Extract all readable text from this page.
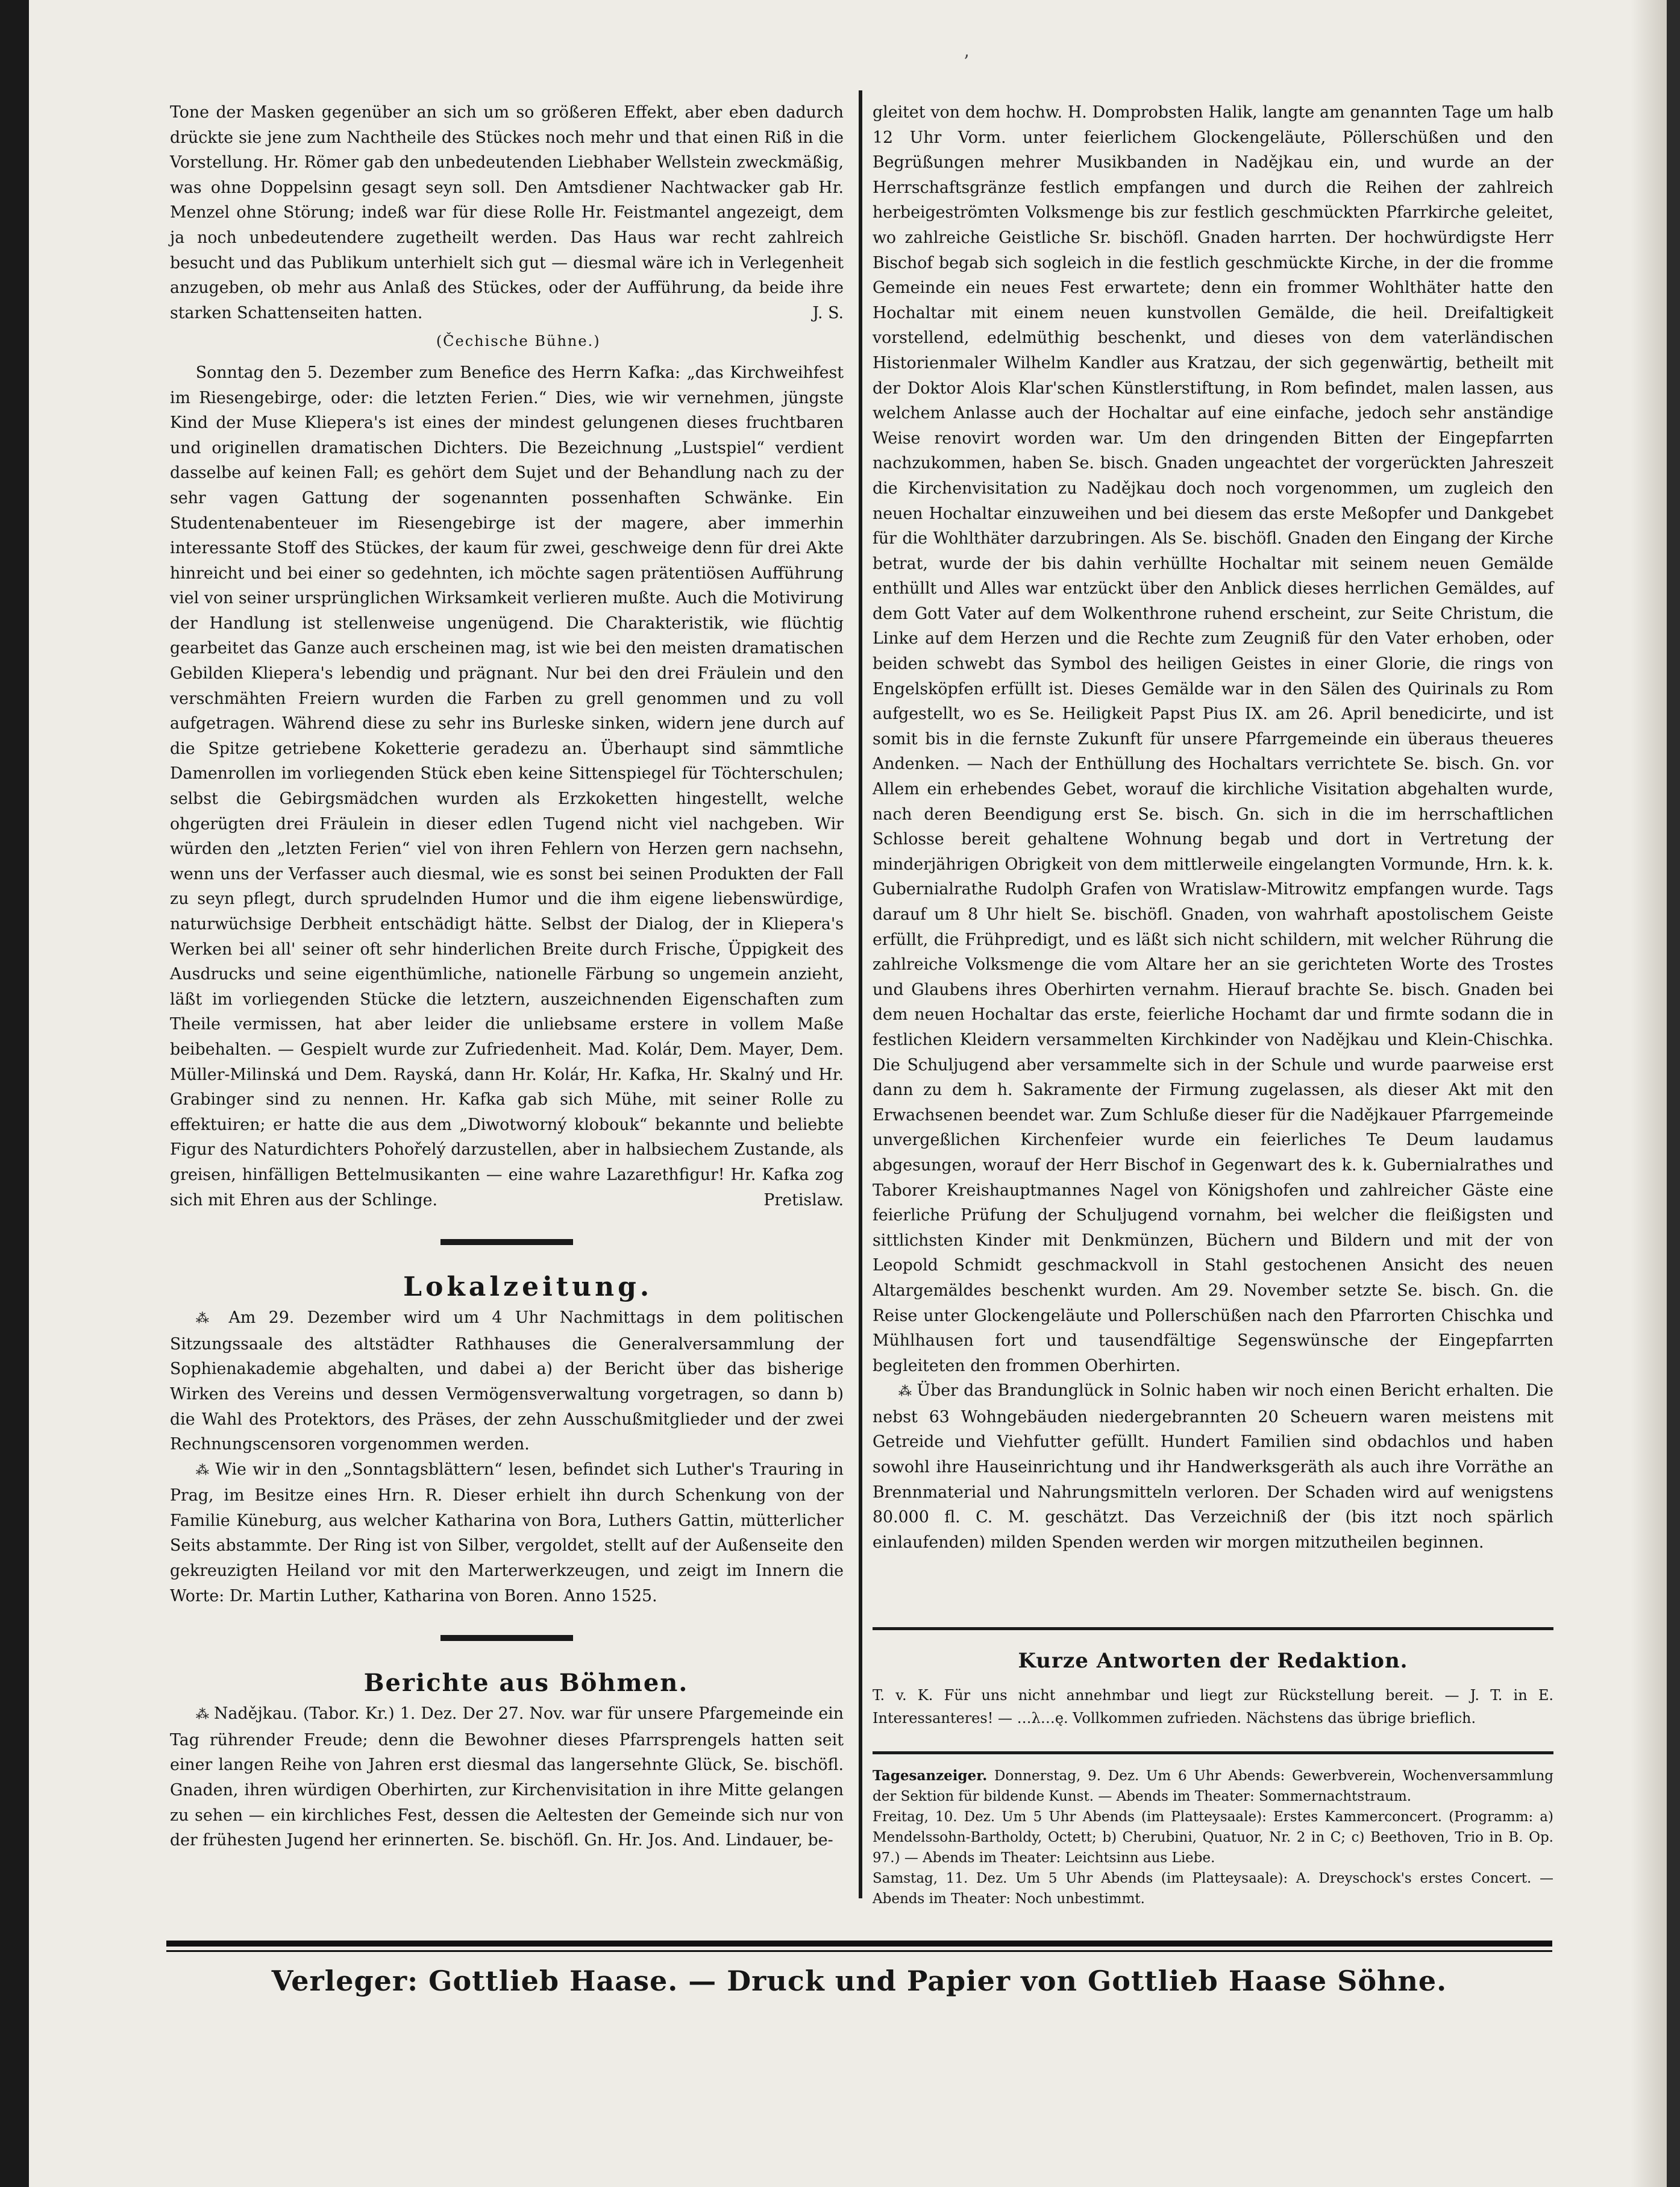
ʼ

Tone der Masken gegenüber an sich um so größeren Effekt, aber eben dadurch drückte sie jene zum Nachtheile des Stückes noch mehr und that einen Riß in die Vorstellung. Hr. Römer gab den unbedeutenden Liebhaber Wellstein zweckmäßig, was ohne Doppelsinn gesagt seyn soll. Den Amtsdiener Nachtwacker gab Hr. Menzel ohne Störung; indeß war für diese Rolle Hr. Feistmantel angezeigt, dem ja noch unbedeutendere zugetheilt werden. Das Haus war recht zahlreich besucht und das Publikum unterhielt sich gut — diesmal wäre ich in Verlegenheit anzugeben, ob mehr aus Anlaß des Stückes, oder der Aufführung, da beide ihre starken Schattenseiten hatten.	J. S.

(Čechische Bühne.)

Sonntag den 5. Dezember zum Benefice des Herrn Kafka: „das Kirchweihfest im Riesengebirge, oder: die letzten Ferien.“ Dies, wie wir vernehmen, jüngste Kind der Muse Kliepera's ist eines der mindest gelungenen dieses fruchtbaren und originellen dramatischen Dichters. Die Bezeichnung „Lustspiel“ verdient dasselbe auf keinen Fall; es gehört dem Sujet und der Behandlung nach zu der sehr vagen Gattung der sogenannten possenhaften Schwänke. Ein Studentenabenteuer im Riesengebirge ist der magere, aber immerhin interessante Stoff des Stückes, der kaum für zwei, geschweige denn für drei Akte hinreicht und bei einer so gedehnten, ich möchte sagen prätentiösen Aufführung viel von seiner ursprünglichen Wirksamkeit verlieren mußte. Auch die Motivirung der Handlung ist stellenweise ungenügend. Die Charakteristik, wie flüchtig gearbeitet das Ganze auch erscheinen mag, ist wie bei den meisten dramatischen Gebilden Kliepera's lebendig und prägnant. Nur bei den drei Fräulein und den verschmähten Freiern wurden die Farben zu grell genommen und zu voll aufgetragen. Während diese zu sehr ins Burleske sinken, widern jene durch auf die Spitze getriebene Koketterie geradezu an. Überhaupt sind sämmtliche Damenrollen im vorliegenden Stück eben keine Sittenspiegel für Töchterschulen; selbst die Gebirgsmädchen wurden als Erzkoketten hingestellt, welche ohgerügten drei Fräulein in dieser edlen Tugend nicht viel nachgeben. Wir würden den „letzten Ferien“ viel von ihren Fehlern von Herzen gern nachsehn, wenn uns der Verfasser auch diesmal, wie es sonst bei seinen Produkten der Fall zu seyn pflegt, durch sprudelnden Humor und die ihm eigene liebenswürdige, naturwüchsige Derbheit entschädigt hätte. Selbst der Dialog, der in Kliepera's Werken bei all' seiner oft sehr hinderlichen Breite durch Frische, Üppigkeit des Ausdrucks und seine eigenthümliche, nationelle Färbung so ungemein anzieht, läßt im vorliegenden Stücke die letztern, auszeichnenden Eigenschaften zum Theile vermissen, hat aber leider die unliebsame erstere in vollem Maße beibehalten. — Gespielt wurde zur Zufriedenheit. Mad. Kolár, Dem. Mayer, Dem. Müller-Milinská und Dem. Rayská, dann Hr. Kolár, Hr. Kafka, Hr. Skalný und Hr. Grabinger sind zu nennen. Hr. Kafka gab sich Mühe, mit seiner Rolle zu effektuiren; er hatte die aus dem „Diwotworný klobouk“ bekannte und beliebte Figur des Naturdichters Pohořelý darzustellen, aber in halbsiechem Zustande, als greisen, hinfälligen Bettelmusikanten — eine wahre Lazarethfigur! Hr. Kafka zog sich mit Ehren aus der Schlinge.	Pretislaw.

Lokalzeitung.

⁂ Am 29. Dezember wird um 4 Uhr Nachmittags in dem politischen Sitzungssaale des altstädter Rathhauses die Generalversammlung der Sophienakademie abgehalten, und dabei a) der Bericht über das bisherige Wirken des Vereins und dessen Vermögensverwaltung vorgetragen, so dann b) die Wahl des Protektors, des Präses, der zehn Ausschußmitglieder und der zwei Rechnungscensoren vorgenommen werden.

⁂ Wie wir in den „Sonntagsblättern“ lesen, befindet sich Luther's Trauring in Prag, im Besitze eines Hrn. R. Dieser erhielt ihn durch Schenkung von der Familie Küneburg, aus welcher Katharina von Bora, Luthers Gattin, mütterlicher Seits abstammte. Der Ring ist von Silber, vergoldet, stellt auf der Außenseite den gekreuzigten Heiland vor mit den Marterwerkzeugen, und zeigt im Innern die Worte: Dr. Martin Luther, Katharina von Boren. Anno 1525.

Berichte aus Böhmen.

⁂ Nadějkau. (Tabor. Kr.) 1. Dez. Der 27. Nov. war für unsere Pfargemeinde ein Tag rührender Freude; denn die Bewohner dieses Pfarrsprengels hatten seit einer langen Reihe von Jahren erst diesmal das langersehnte Glück, Se. bischöfl. Gnaden, ihren würdigen Oberhirten, zur Kirchenvisitation in ihre Mitte gelangen zu sehen — ein kirchliches Fest, dessen die Aeltesten der Gemeinde sich nur von der frühesten Jugend her erinnerten. Se. bischöfl. Gn. Hr. Jos. And. Lindauer, be-

gleitet von dem hochw. H. Domprobsten Halik, langte am genannten Tage um halb 12 Uhr Vorm. unter feierlichem Glockengeläute, Pöllerschüßen und den Begrüßungen mehrer Musikbanden in Nadějkau ein, und wurde an der Herrschaftsgränze festlich empfangen und durch die Reihen der zahlreich herbeigeströmten Volksmenge bis zur festlich geschmückten Pfarrkirche geleitet, wo zahlreiche Geistliche Sr. bischöfl. Gnaden harrten. Der hochwürdigste Herr Bischof begab sich sogleich in die festlich geschmückte Kirche, in der die fromme Gemeinde ein neues Fest erwartete; denn ein frommer Wohlthäter hatte den Hochaltar mit einem neuen kunstvollen Gemälde, die heil. Dreifaltigkeit vorstellend, edelmüthig beschenkt, und dieses von dem vaterländischen Historienmaler Wilhelm Kandler aus Kratzau, der sich gegenwärtig, betheilt mit der Doktor Alois Klar'schen Künstlerstiftung, in Rom befindet, malen lassen, aus welchem Anlasse auch der Hochaltar auf eine einfache, jedoch sehr anständige Weise renovirt worden war. Um den dringenden Bitten der Eingepfarrten nachzukommen, haben Se. bisch. Gnaden ungeachtet der vorgerückten Jahreszeit die Kirchenvisitation zu Nadějkau doch noch vorgenommen, um zugleich den neuen Hochaltar einzuweihen und bei diesem das erste Meßopfer und Dankgebet für die Wohlthäter darzubringen. Als Se. bischöfl. Gnaden den Eingang der Kirche betrat, wurde der bis dahin verhüllte Hochaltar mit seinem neuen Gemälde enthüllt und Alles war entzückt über den Anblick dieses herrlichen Gemäldes, auf dem Gott Vater auf dem Wolkenthrone ruhend erscheint, zur Seite Christum, die Linke auf dem Herzen und die Rechte zum Zeugniß für den Vater erhoben, oder beiden schwebt das Symbol des heiligen Geistes in einer Glorie, die rings von Engelsköpfen erfüllt ist. Dieses Gemälde war in den Sälen des Quirinals zu Rom aufgestellt, wo es Se. Heiligkeit Papst Pius IX. am 26. April benedicirte, und ist somit bis in die fernste Zukunft für unsere Pfarrgemeinde ein überaus theueres Andenken. — Nach der Enthüllung des Hochaltars verrichtete Se. bisch. Gn. vor Allem ein erhebendes Gebet, worauf die kirchliche Visitation abgehalten wurde, nach deren Beendigung erst Se. bisch. Gn. sich in die im herrschaftlichen Schlosse bereit gehaltene Wohnung begab und dort in Vertretung der minderjährigen Obrigkeit von dem mittlerweile eingelangten Vormunde, Hrn. k. k. Gubernialrathe Rudolph Grafen von Wratislaw-Mitrowitz empfangen wurde. Tags darauf um 8 Uhr hielt Se. bischöfl. Gnaden, von wahrhaft apostolischem Geiste erfüllt, die Frühpredigt, und es läßt sich nicht schildern, mit welcher Rührung die zahlreiche Volksmenge die vom Altare her an sie gerichteten Worte des Trostes und Glaubens ihres Oberhirten vernahm. Hierauf brachte Se. bisch. Gnaden bei dem neuen Hochaltar das erste, feierliche Hochamt dar und firmte sodann die in festlichen Kleidern versammelten Kirchkinder von Nadějkau und Klein-Chischka. Die Schuljugend aber versammelte sich in der Schule und wurde paarweise erst dann zu dem h. Sakramente der Firmung zugelassen, als dieser Akt mit den Erwachsenen beendet war. Zum Schluße dieser für die Nadějkauer Pfarrgemeinde unvergeßlichen Kirchenfeier wurde ein feierliches Te Deum laudamus abgesungen, worauf der Herr Bischof in Gegenwart des k. k. Gubernialrathes und Taborer Kreishauptmannes Nagel von Königshofen und zahlreicher Gäste eine feierliche Prüfung der Schuljugend vornahm, bei welcher die fleißigsten und sittlichsten Kinder mit Denkmünzen, Büchern und Bildern und mit der von Leopold Schmidt geschmackvoll in Stahl gestochenen Ansicht des neuen Altargemäldes beschenkt wurden. Am 29. November setzte Se. bisch. Gn. die Reise unter Glockengeläute und Pollerschüßen nach den Pfarrorten Chischka und Mühlhausen fort und tausendfältige Segenswünsche der Eingepfarrten begleiteten den frommen Oberhirten.

⁂ Über das Brandunglück in Solnic haben wir noch einen Bericht erhalten. Die nebst 63 Wohngebäuden niedergebrannten 20 Scheuern waren meistens mit Getreide und Viehfutter gefüllt. Hundert Familien sind obdachlos und haben sowohl ihre Hauseinrichtung und ihr Handwerksgeräth als auch ihre Vorräthe an Brennmaterial und Nahrungsmitteln verloren. Der Schaden wird auf wenigstens 80.000 fl. C. M. geschätzt. Das Verzeichniß der (bis itzt noch spärlich einlaufenden) milden Spenden werden wir morgen mitzutheilen beginnen.

Kurze Antworten der Redaktion.
T. v. K. Für uns nicht annehmbar und liegt zur Rückstellung bereit. — J. T. in E. Interessanteres! — …λ…ę. Vollkommen zufrieden. Nächstens das übrige brieflich.

Tagesanzeiger. Donnerstag, 9. Dez. Um 6 Uhr Abends: Gewerbverein, Wochenversammlung der Sektion für bildende Kunst. — Abends im Theater: Sommernachtstraum.

Freitag, 10. Dez. Um 5 Uhr Abends (im Platteysaale): Erstes Kammerconcert. (Programm: a) Mendelssohn-Bartholdy, Octett; b) Cherubini, Quatuor, Nr. 2 in C; c) Beethoven, Trio in B. Op. 97.) — Abends im Theater: Leichtsinn aus Liebe.

Samstag, 11. Dez. Um 5 Uhr Abends (im Platteysaale): A. Dreyschock's erstes Concert. — Abends im Theater: Noch unbestimmt.

Verleger: Gottlieb Haase. — Druck und Papier von Gottlieb Haase Söhne.
